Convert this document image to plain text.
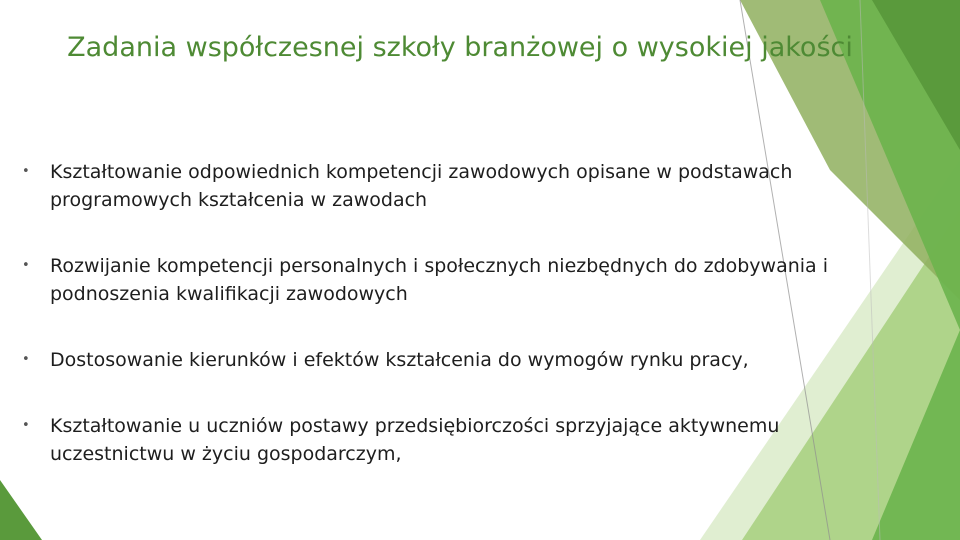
Zadania współczesnej szkoły branżowej o wysokiej jakości
• Kształtowanie odpowiednich kompetencji zawodowych opisane w podstawach programowych kształcenia w zawodach
• Rozwijanie kompetencji personalnych i społecznych niezbędnych do zdobywania i podnoszenia kwalifikacji zawodowych
• Dostosowanie kierunków i efektów kształcenia do wymogów rynku pracy,
• Kształtowanie u uczniów postawy przedsiębiorczości sprzyjające aktywnemu uczestnictwu w życiu gospodarczym,
